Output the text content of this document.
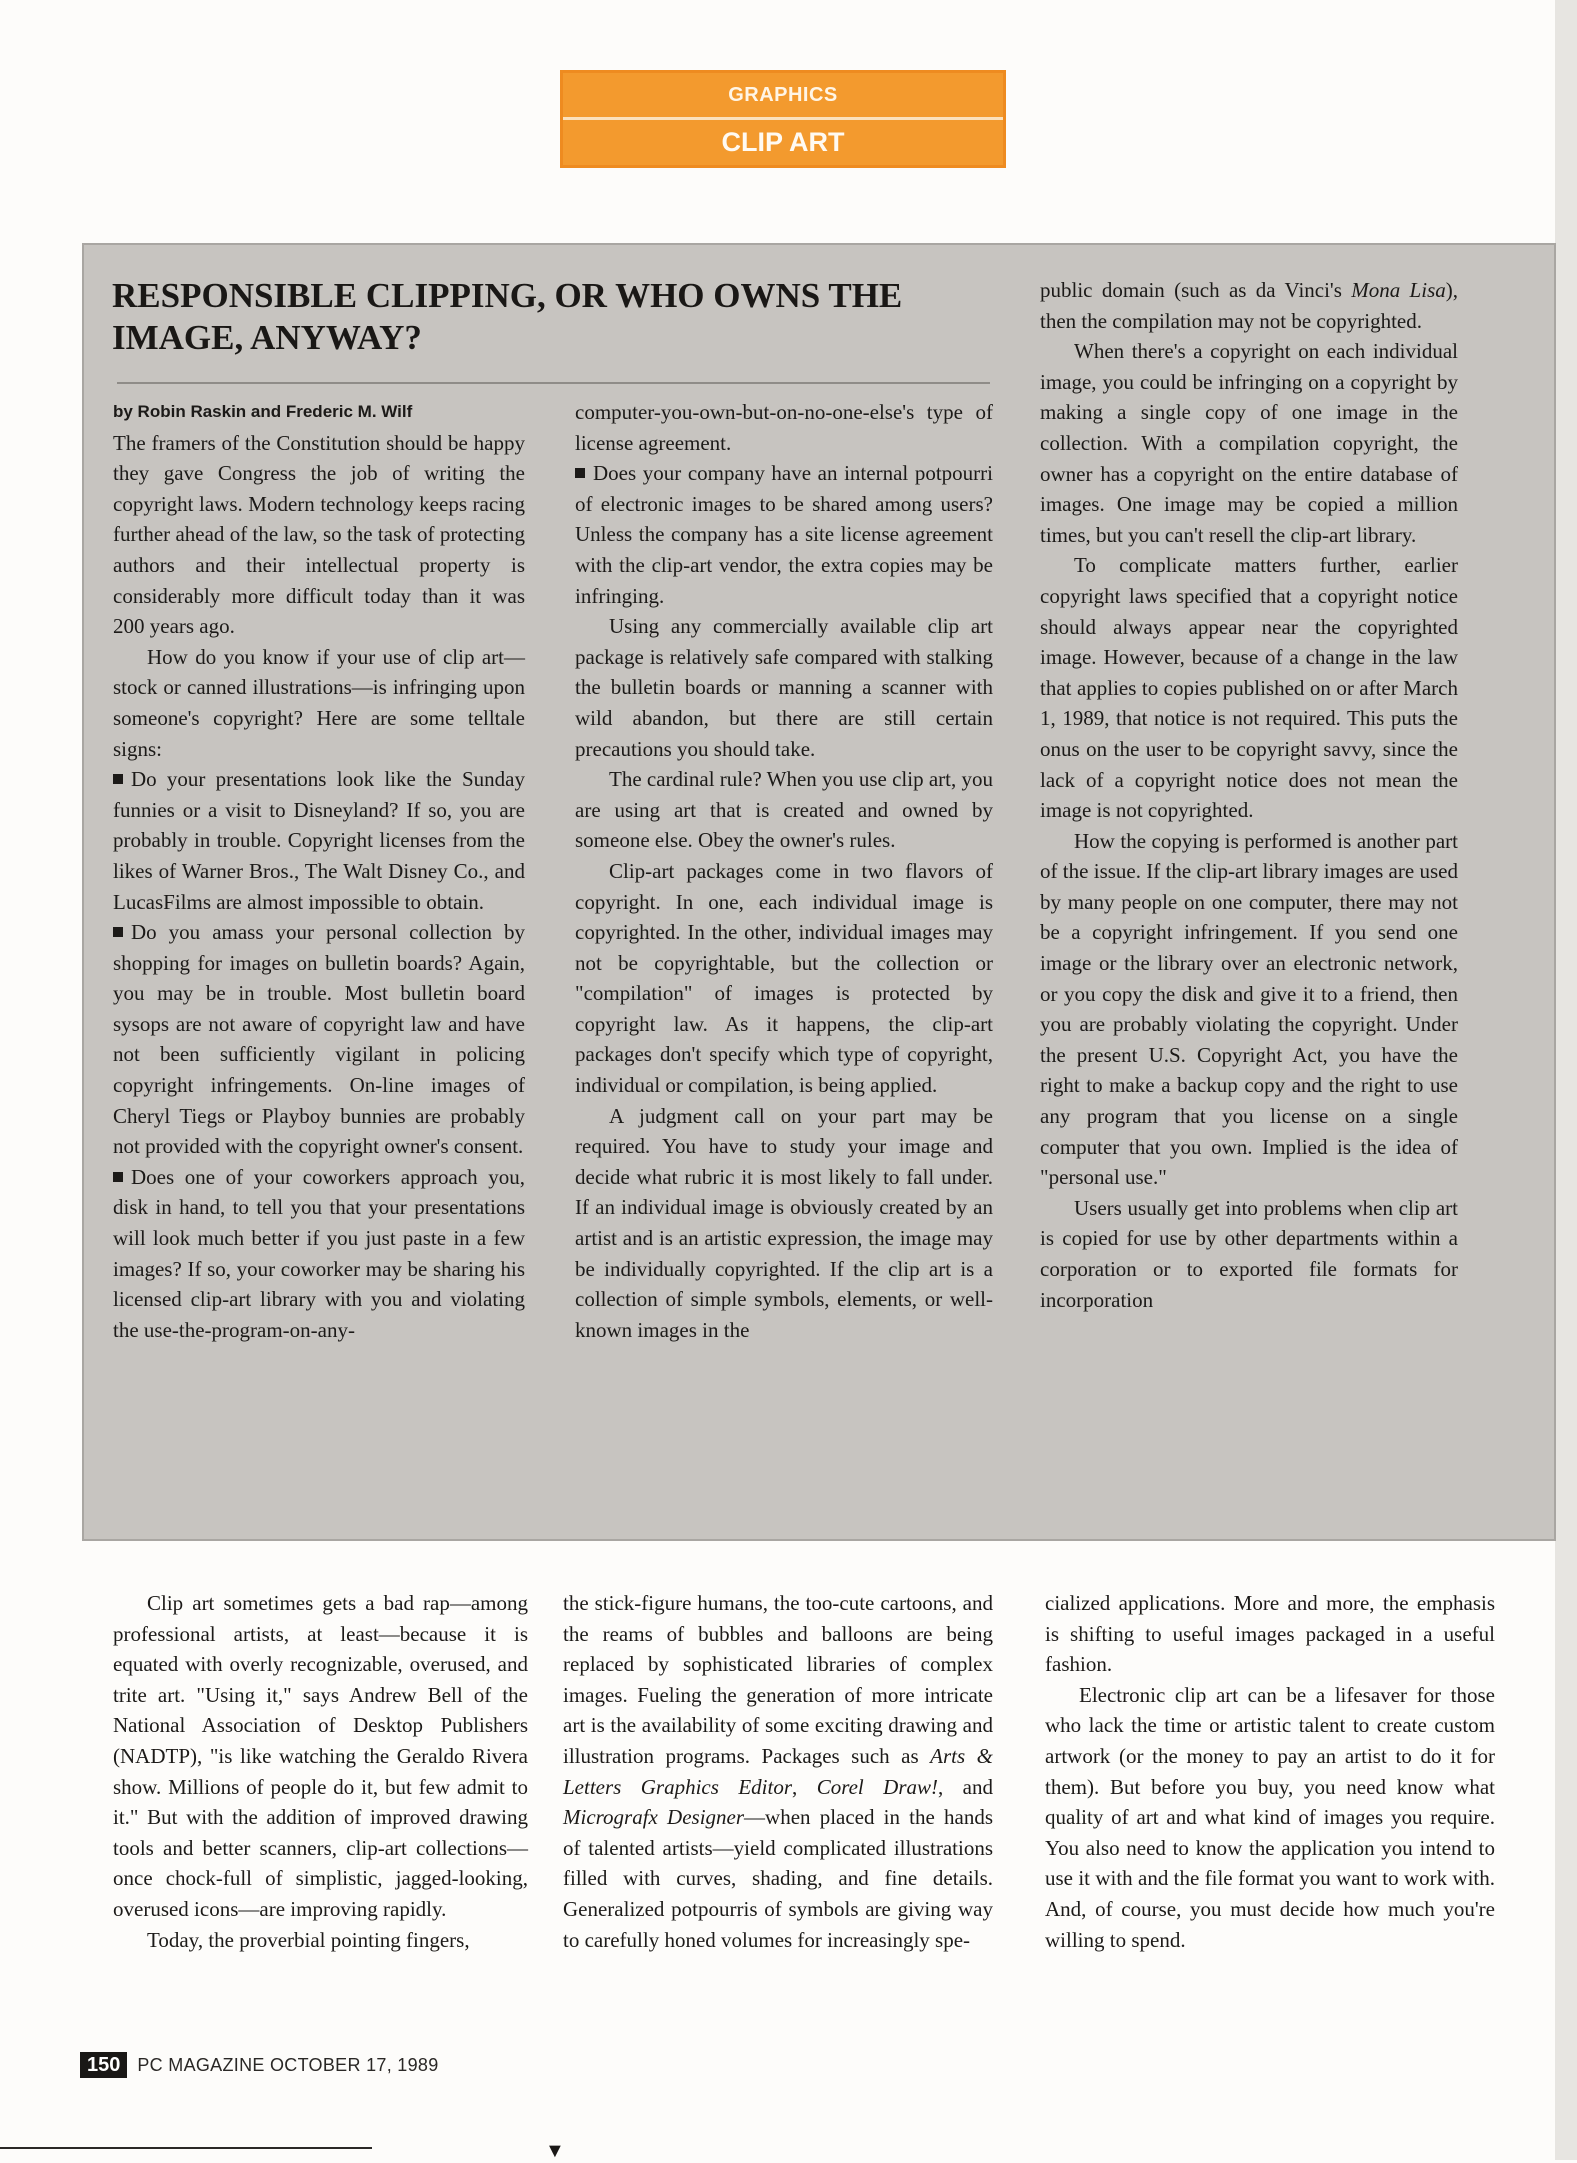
GRAPHICS
CLIP ART
RESPONSIBLE CLIPPING, OR WHO OWNS THE IMAGE, ANYWAY?
by Robin Raskin and Frederic M. Wilf

The framers of the Constitution should be happy they gave Congress the job of writing the copyright laws. Modern technology keeps racing further ahead of the law, so the task of protecting authors and their intellectual property is considerably more difficult today than it was 200 years ago.

How do you know if your use of clip art—stock or canned illustrations—is infringing upon someone's copyright? Here are some telltale signs:

Do your presentations look like the Sunday funnies or a visit to Disneyland? If so, you are probably in trouble. Copyright licenses from the likes of Warner Bros., The Walt Disney Co., and LucasFilms are almost impossible to obtain.

Do you amass your personal collection by shopping for images on bulletin boards? Again, you may be in trouble. Most bulletin board sysops are not aware of copyright law and have not been sufficiently vigilant in policing copyright infringements. On-line images of Cheryl Tiegs or Playboy bunnies are probably not provided with the copyright owner's consent.

Does one of your coworkers approach you, disk in hand, to tell you that your presentations will look much better if you just paste in a few images? If so, your coworker may be sharing his licensed clip-art library with you and violating the use-the-program-on-any-

computer-you-own-but-on-no-one-else's type of license agreement.

Does your company have an internal potpourri of electronic images to be shared among users? Unless the company has a site license agreement with the clip-art vendor, the extra copies may be infringing.

Using any commercially available clip art package is relatively safe compared with stalking the bulletin boards or manning a scanner with wild abandon, but there are still certain precautions you should take.

The cardinal rule? When you use clip art, you are using art that is created and owned by someone else. Obey the owner's rules.

Clip-art packages come in two flavors of copyright. In one, each individual image is copyrighted. In the other, individual images may not be copyrightable, but the collection or "compilation" of images is protected by copyright law. As it happens, the clip-art packages don't specify which type of copyright, individual or compilation, is being applied.

A judgment call on your part may be required. You have to study your image and decide what rubric it is most likely to fall under. If an individual image is obviously created by an artist and is an artistic expression, the image may be individually copyrighted. If the clip art is a collection of simple symbols, elements, or well-known images in the

public domain (such as da Vinci's Mona Lisa), then the compilation may not be copyrighted.

When there's a copyright on each individual image, you could be infringing on a copyright by making a single copy of one image in the collection. With a compilation copyright, the owner has a copyright on the entire database of images. One image may be copied a million times, but you can't resell the clip-art library.

To complicate matters further, earlier copyright laws specified that a copyright notice should always appear near the copyrighted image. However, because of a change in the law that applies to copies published on or after March 1, 1989, that notice is not required. This puts the onus on the user to be copyright savvy, since the lack of a copyright notice does not mean the image is not copyrighted.

How the copying is performed is another part of the issue. If the clip-art library images are used by many people on one computer, there may not be a copyright infringement. If you send one image or the library over an electronic network, or you copy the disk and give it to a friend, then you are probably violating the copyright. Under the present U.S. Copyright Act, you have the right to make a backup copy and the right to use any program that you license on a single computer that you own. Implied is the idea of "personal use."

Users usually get into problems when clip art is copied for use by other departments within a corporation or to exported file formats for incorporation

Clip art sometimes gets a bad rap—among professional artists, at least—because it is equated with overly recognizable, overused, and trite art. "Using it," says Andrew Bell of the National Association of Desktop Publishers (NADTP), "is like watching the Geraldo Rivera show. Millions of people do it, but few admit to it." But with the addition of improved drawing tools and better scanners, clip-art collections—once chock-full of simplistic, jagged-looking, overused icons—are improving rapidly.

Today, the proverbial pointing fingers,

the stick-figure humans, the too-cute cartoons, and the reams of bubbles and balloons are being replaced by sophisticated libraries of complex images. Fueling the generation of more intricate art is the availability of some exciting drawing and illustration programs. Packages such as Arts & Letters Graphics Editor, Corel Draw!, and Micrografx Designer—when placed in the hands of talented artists—yield complicated illustrations filled with curves, shading, and fine details. Generalized potpourris of symbols are giving way to carefully honed volumes for increasingly spe-

cialized applications. More and more, the emphasis is shifting to useful images packaged in a useful fashion.

Electronic clip art can be a lifesaver for those who lack the time or artistic talent to create custom artwork (or the money to pay an artist to do it for them). But before you buy, you need know what quality of art and what kind of images you require. You also need to know the application you intend to use it with and the file format you want to work with. And, of course, you must decide how much you're willing to spend.

150 PC MAGAZINE OCTOBER 17, 1989
▼
